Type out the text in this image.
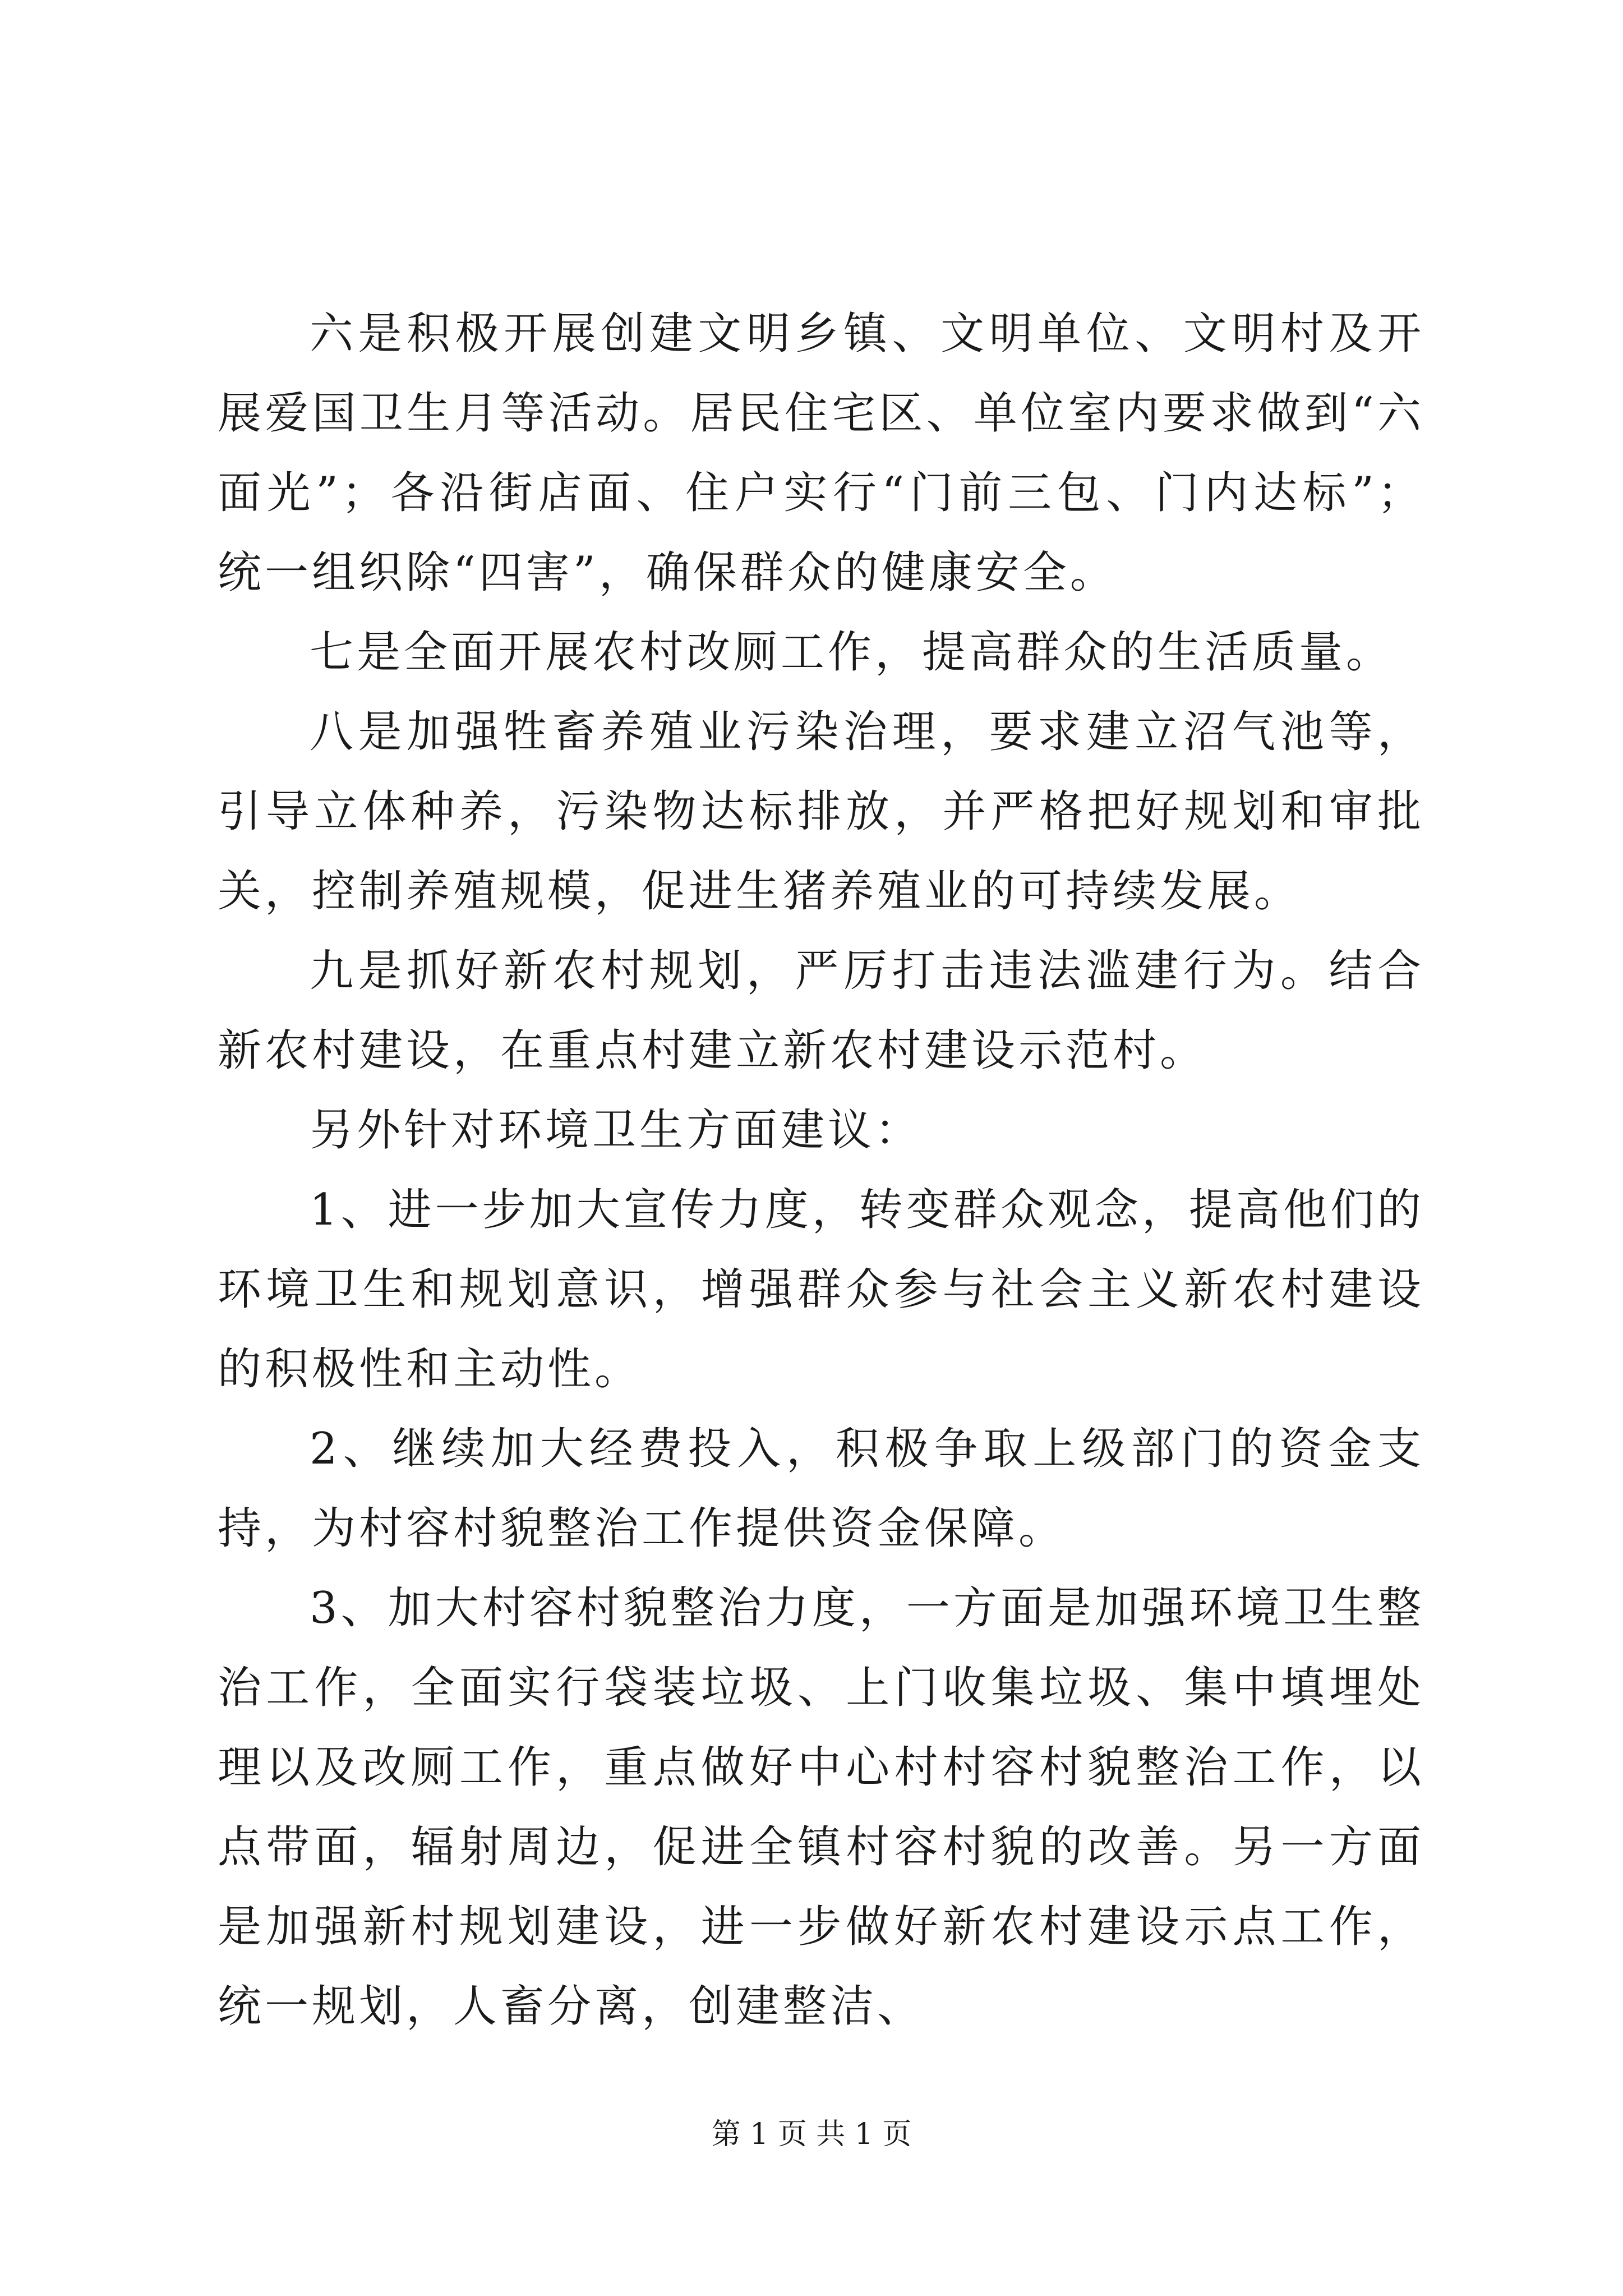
六是积极开展创建文明乡镇、文明单位、文明村及开展爱国卫生月等活动。居民住宅区、单位室内要求做到“六面光”；各沿街店面、住户实行“门前三包、门内达标”；统一组织除“四害”，确保群众的健康安全。

七是全面开展农村改厕工作，提高群众的生活质量。

八是加强牲畜养殖业污染治理，要求建立沼气池等，引导立体种养，污染物达标排放，并严格把好规划和审批关，控制养殖规模，促进生猪养殖业的可持续发展。

九是抓好新农村规划，严厉打击违法滥建行为。结合新农村建设，在重点村建立新农村建设示范村。

另外针对环境卫生方面建议：

1、进一步加大宣传力度，转变群众观念，提高他们的环境卫生和规划意识，增强群众参与社会主义新农村建设的积极性和主动性。

2、继续加大经费投入，积极争取上级部门的资金支持，为村容村貌整治工作提供资金保障。

3、加大村容村貌整治力度，一方面是加强环境卫生整治工作，全面实行袋装垃圾、上门收集垃圾、集中填埋处理以及改厕工作，重点做好中心村村容村貌整治工作，以点带面，辐射周边，促进全镇村容村貌的改善。另一方面是加强新村规划建设，进一步做好新农村建设示点工作，统一规划，人畜分离，创建整洁、

第 1 页 共 1 页
